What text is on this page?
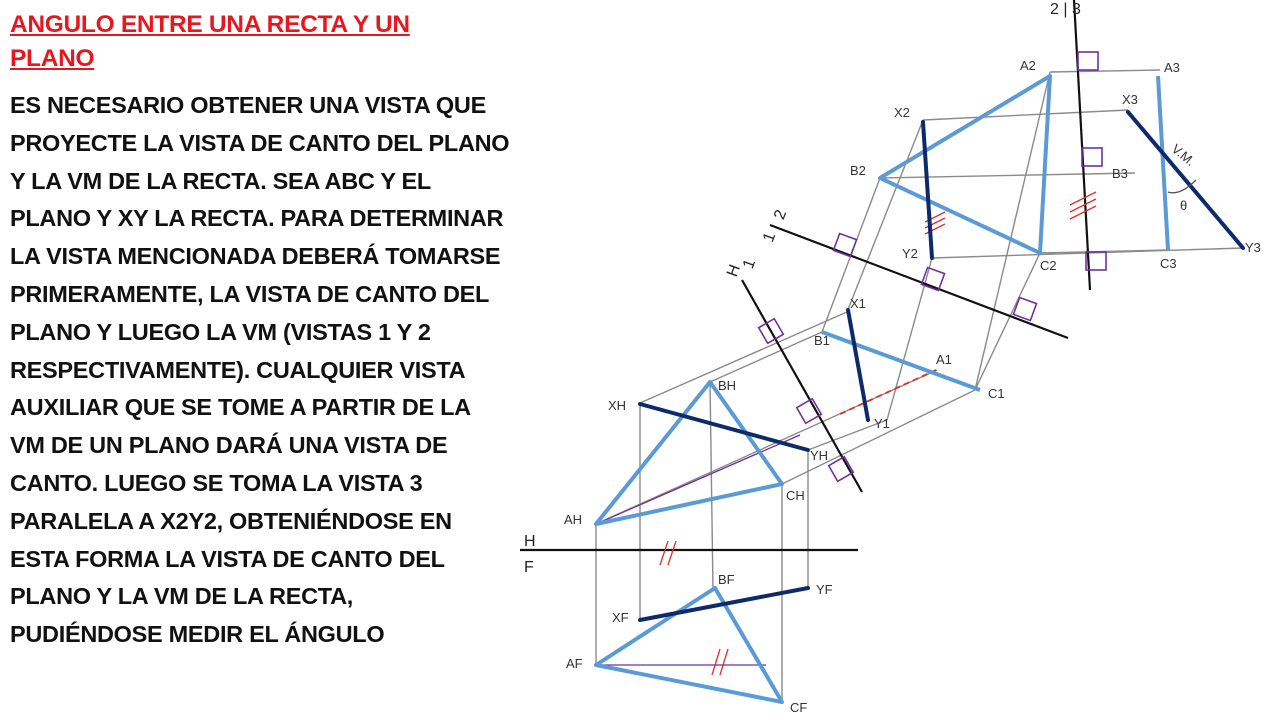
ANGULO ENTRE UNA RECTA Y UN PLANO

ES NECESARIO OBTENER UNA VISTA QUE PROYECTE LA VISTA DE CANTO DEL PLANO Y LA VM DE LA RECTA. SEA ABC Y EL PLANO Y XY LA RECTA. PARA DETERMINAR LA VISTA MENCIONADA DEBERÁ TOMARSE PRIMERAMENTE, LA VISTA DE CANTO DEL PLANO Y LUEGO LA VM (VISTAS 1 Y 2 RESPECTIVAMENTE). CUALQUIER VISTA AUXILIAR QUE SE TOME A PARTIR DE LA VM DE UN PLANO DARÁ UNA VISTA DE CANTO. LUEGO SE TOMA LA VISTA 3 PARALELA A X2Y2, OBTENIÉNDOSE EN ESTA FORMA LA VISTA DE CANTO DEL PLANO Y LA VM DE LA RECTA, PUDIÉNDOSE MEDIR EL ÁNGULO

2 | 3
2
1
H
1
H
F
A2	A3
X2
X3
B2	B3
V.M.
θ
Y2
C2	C3
Y3
X1
B1
A1
C1
Y1
XH
BH
YH
CH
AH
BF
YF
XF
AF
CF
